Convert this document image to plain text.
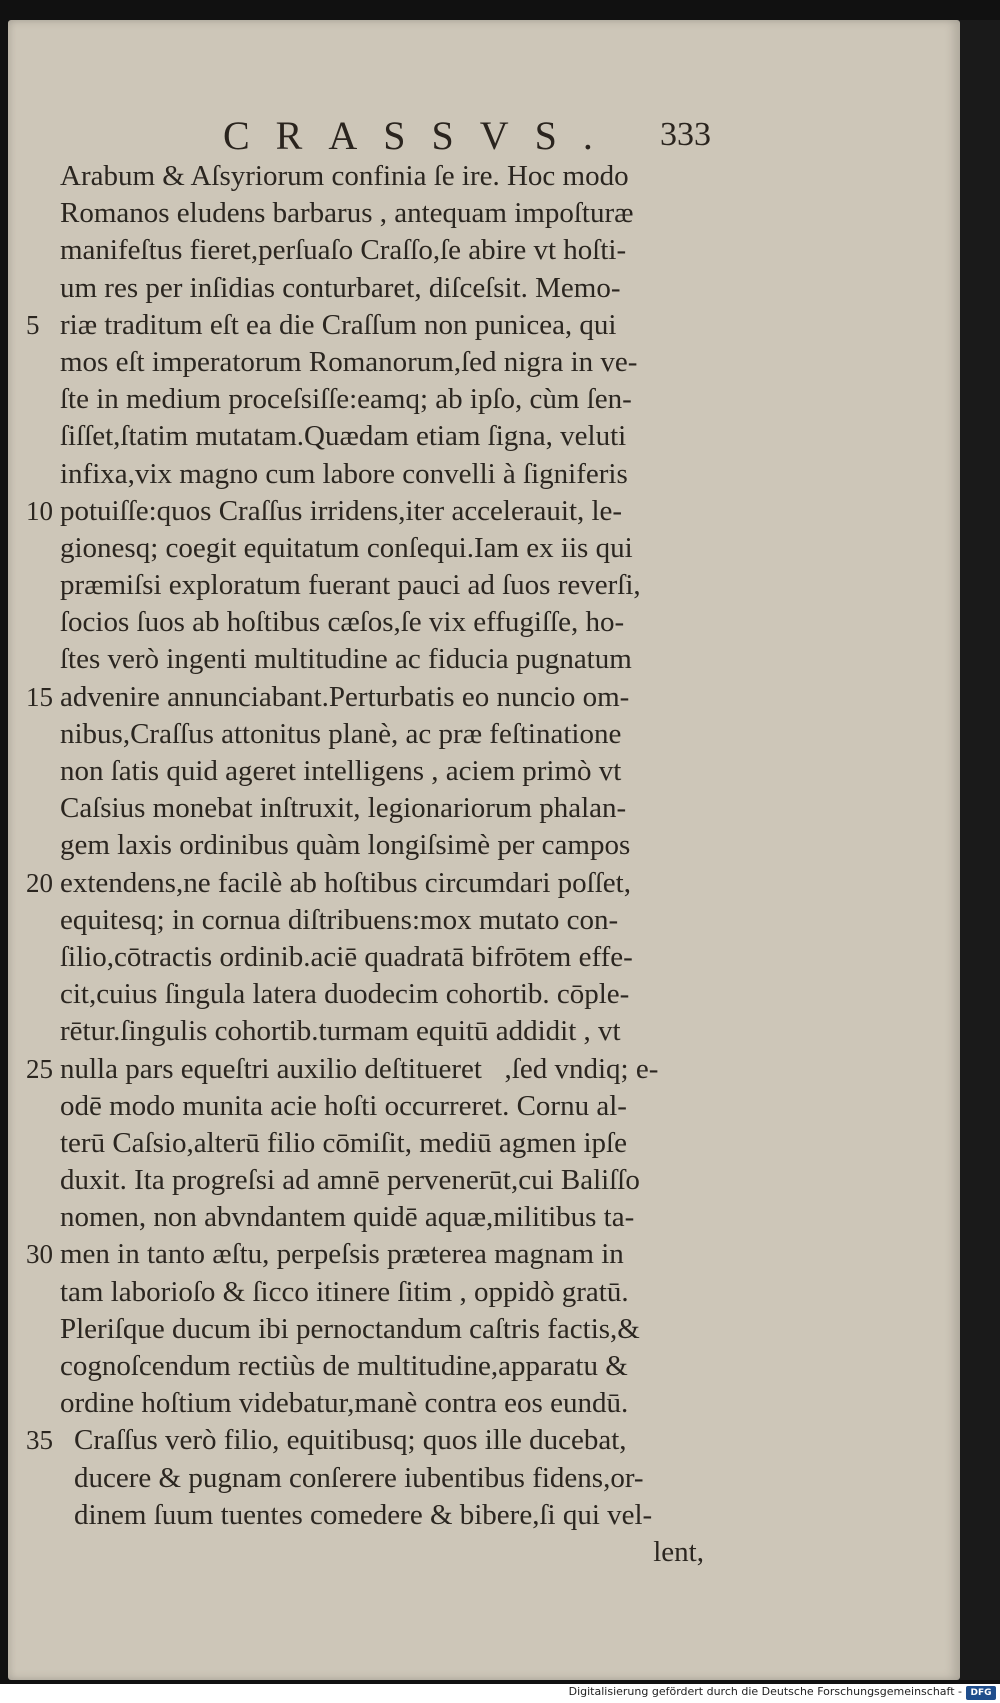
CRASSVS. 333
Arabum & Aſsyriorum confinia ſe ire. Hoc modo
Romanos eludens barbarus , antequam impoſturæ
manifeſtus fieret,perſuaſo Craſſo,ſe abire vt hoſti-
um res per inſidias conturbaret, diſceſsit. Memo-
5 riæ traditum eſt ea die Craſſum non punicea, qui
mos eſt imperatorum Romanorum,ſed nigra in ve-
ſte in medium proceſsiſſe:eamq; ab ipſo, cùm ſen-
ſiſſet,ſtatim mutatam.Quædam etiam ſigna, veluti
infixa,vix magno cum labore convelli à ſigniferis
10 potuiſſe:quos Craſſus irridens,iter accelerauit, le-
gionesq; coegit equitatum conſequi.Iam ex iis qui
præmiſsi exploratum fuerant pauci ad ſuos reverſi,
ſocios ſuos ab hoſtibus cæſos,ſe vix effugiſſe, ho-
ſtes verò ingenti multitudine ac fiducia pugnatum
15 advenire annunciabant.Perturbatis eo nuncio om-
nibus,Craſſus attonitus planè, ac præ feſtinatione
non ſatis quid ageret intelligens , aciem primò vt
Caſsius monebat inſtruxit, legionariorum phalan-
gem laxis ordinibus quàm longiſsimè per campos
20 extendens,ne facilè ab hoſtibus circumdari poſſet,
equitesq; in cornua diſtribuens:mox mutato con-
ſilio,cōtractis ordinib.aciē quadratā bifrōtem effe-
cit,cuius ſingula latera duodecim cohortib. cōple-
rētur.ſingulis cohortib.turmam equitū addidit , vt
25 nulla pars equeſtri auxilio deſtitueretᷓ,ſed vndiq; e-
odē modo munita acie hoſti occurreret. Cornu al-
terū Caſsio,alterū filio cōmiſit, mediū agmen ipſe
duxit. Ita progreſsi ad amnē pervenerūt,cui Baliſſo
nomen, non abvndantem quidē aquæ,militibus ta-
30 men in tanto æſtu, perpeſsis præterea magnam in
tam laborioſo & ſicco itinere ſitim , oppidò gratū.
Pleriſque ducum ibi pernoctandum caſtris factis,&
cognoſcendum rectiùs de multitudine,apparatu &
ordine hoſtium videbatur,manè contra eos eundū.
35 Craſſus verò filio, equitibusq; quos ille ducebat,
ducere & pugnam conſerere iubentibus fidens,or-
dinem ſuum tuentes comedere & bibere,ſi qui vel-
lent,
Digitalisierung gefördert durch die Deutsche Forschungsgemeinschaft - DFG
